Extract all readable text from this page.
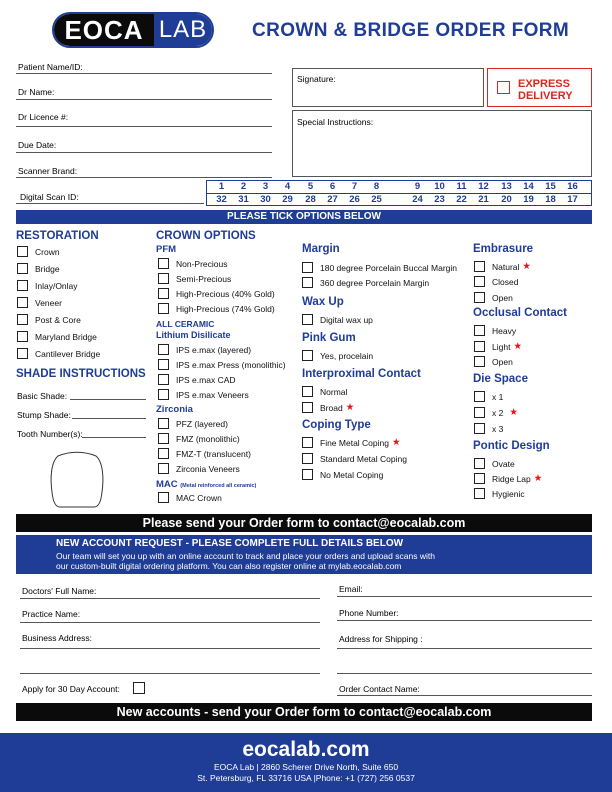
EOCA LAB CROWN & BRIDGE ORDER FORM
Patient Name/ID:
Dr Name:
Dr Licence #:
Due Date:
Scanner Brand:
Digital Scan ID:
Signature:	EXPRESS
DELIVERY
Special Instructions:
1	2	3	4	5	6	7	8	9	10	11	12	13	14	15	16
32	31	30	29	28	27	26	25	24	23	22	21	20	19	18	17
PLEASE TICK OPTIONS BELOW
RESTORATION
Crown
Bridge
Inlay/Onlay
Veneer
Post & Core
Maryland Bridge
Cantilever Bridge
SHADE INSTRUCTIONS
Basic Shade:
Stump Shade:
Tooth Number(s):
CROWN OPTIONS
PFM
Non-Precious
Semi-Precious
High-Precious (40% Gold)
High-Precious (74% Gold)
ALL CERAMIC
Lithium Disilicate
IPS e.max (layered)
IPS e.max Press (monolithic)
IPS e.max CAD
IPS e.max Veneers
Zirconia
PFZ (layered)
FMZ (monolithic)
FMZ-T (translucent)
Zirconia Veneers
MAC (Metal reinforced all ceramic)
MAC Crown
Margin
180 degree Porcelain Buccal Margin
360 degree Porcelain Margin
Wax Up
Digital wax up
Pink Gum
Yes, procelain
Interproximal Contact
Normal
Broad ★
Coping Type
Fine Metal Coping ★
Standard Metal Coping
No Metal Coping
Embrasure
Natural ★
Closed
Open
Occlusal Contact
Heavy
Light ★
Open
Die Space
x 1
x 2 ★
x 3
Pontic Design
Ovate
Ridge Lap ★
Hygienic
Please send your Order form to contact@eocalab.com
NEW ACCOUNT REQUEST - PLEASE COMPLETE FULL DETAILS BELOW
Our team will set you up with an online account to track and place your orders and upload scans with
our custom-built digital ordering platform. You can also register online at mylab.eocalab.com
Doctors' Full Name:
Practice Name:
Business Address:
Apply for 30 Day Account:
Email:
Phone Number:
Address for Shipping :
Order Contact Name:
New accounts - send your Order form to contact@eocalab.com
eocalab.com
EOCA Lab | 2860 Scherer Drive North, Suite 650
St. Petersburg, FL 33716 USA |Phone: +1 (727) 256 0537
